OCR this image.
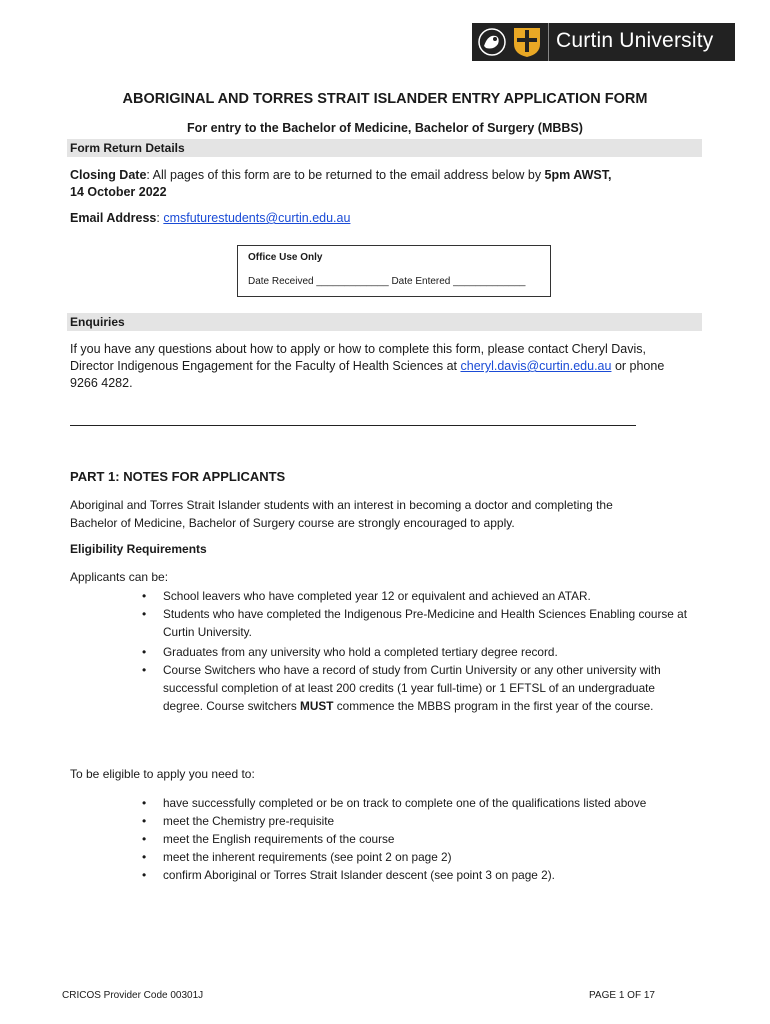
Curtin University
ABORIGINAL AND TORRES STRAIT ISLANDER ENTRY APPLICATION FORM
For entry to the Bachelor of Medicine, Bachelor of Surgery (MBBS)
Form Return Details
Closing Date: All pages of this form are to be returned to the email address below by 5pm AWST,
14 October 2022
Email Address: cmsfuturestudents@curtin.edu.au
Office Use Only
Date Received _____________ Date Entered _____________
Enquiries
If you have any questions about how to apply or how to complete this form, please contact Cheryl Davis,
Director Indigenous Engagement for the Faculty of Health Sciences at cheryl.davis@curtin.edu.au or phone
9266 4282.
PART 1: NOTES FOR APPLICANTS
Aboriginal and Torres Strait Islander students with an interest in becoming a doctor and completing the
Bachelor of Medicine, Bachelor of Surgery course are strongly encouraged to apply.
Eligibility Requirements
Applicants can be:
• School leavers who have completed year 12 or equivalent and achieved an ATAR.
• Students who have completed the Indigenous Pre-Medicine and Health Sciences Enabling course at Curtin University.
• Graduates from any university who hold a completed tertiary degree record.
• Course Switchers who have a record of study from Curtin University or any other university with successful completion of at least 200 credits (1 year full-time) or 1 EFTSL of an undergraduate degree. Course switchers MUST commence the MBBS program in the first year of the course.
To be eligible to apply you need to:
• have successfully completed or be on track to complete one of the qualifications listed above
• meet the Chemistry pre-requisite
• meet the English requirements of the course
• meet the inherent requirements (see point 2 on page 2)
• confirm Aboriginal or Torres Strait Islander descent (see point 3 on page 2).
CRICOS Provider Code 00301J	PAGE 1 OF 17
